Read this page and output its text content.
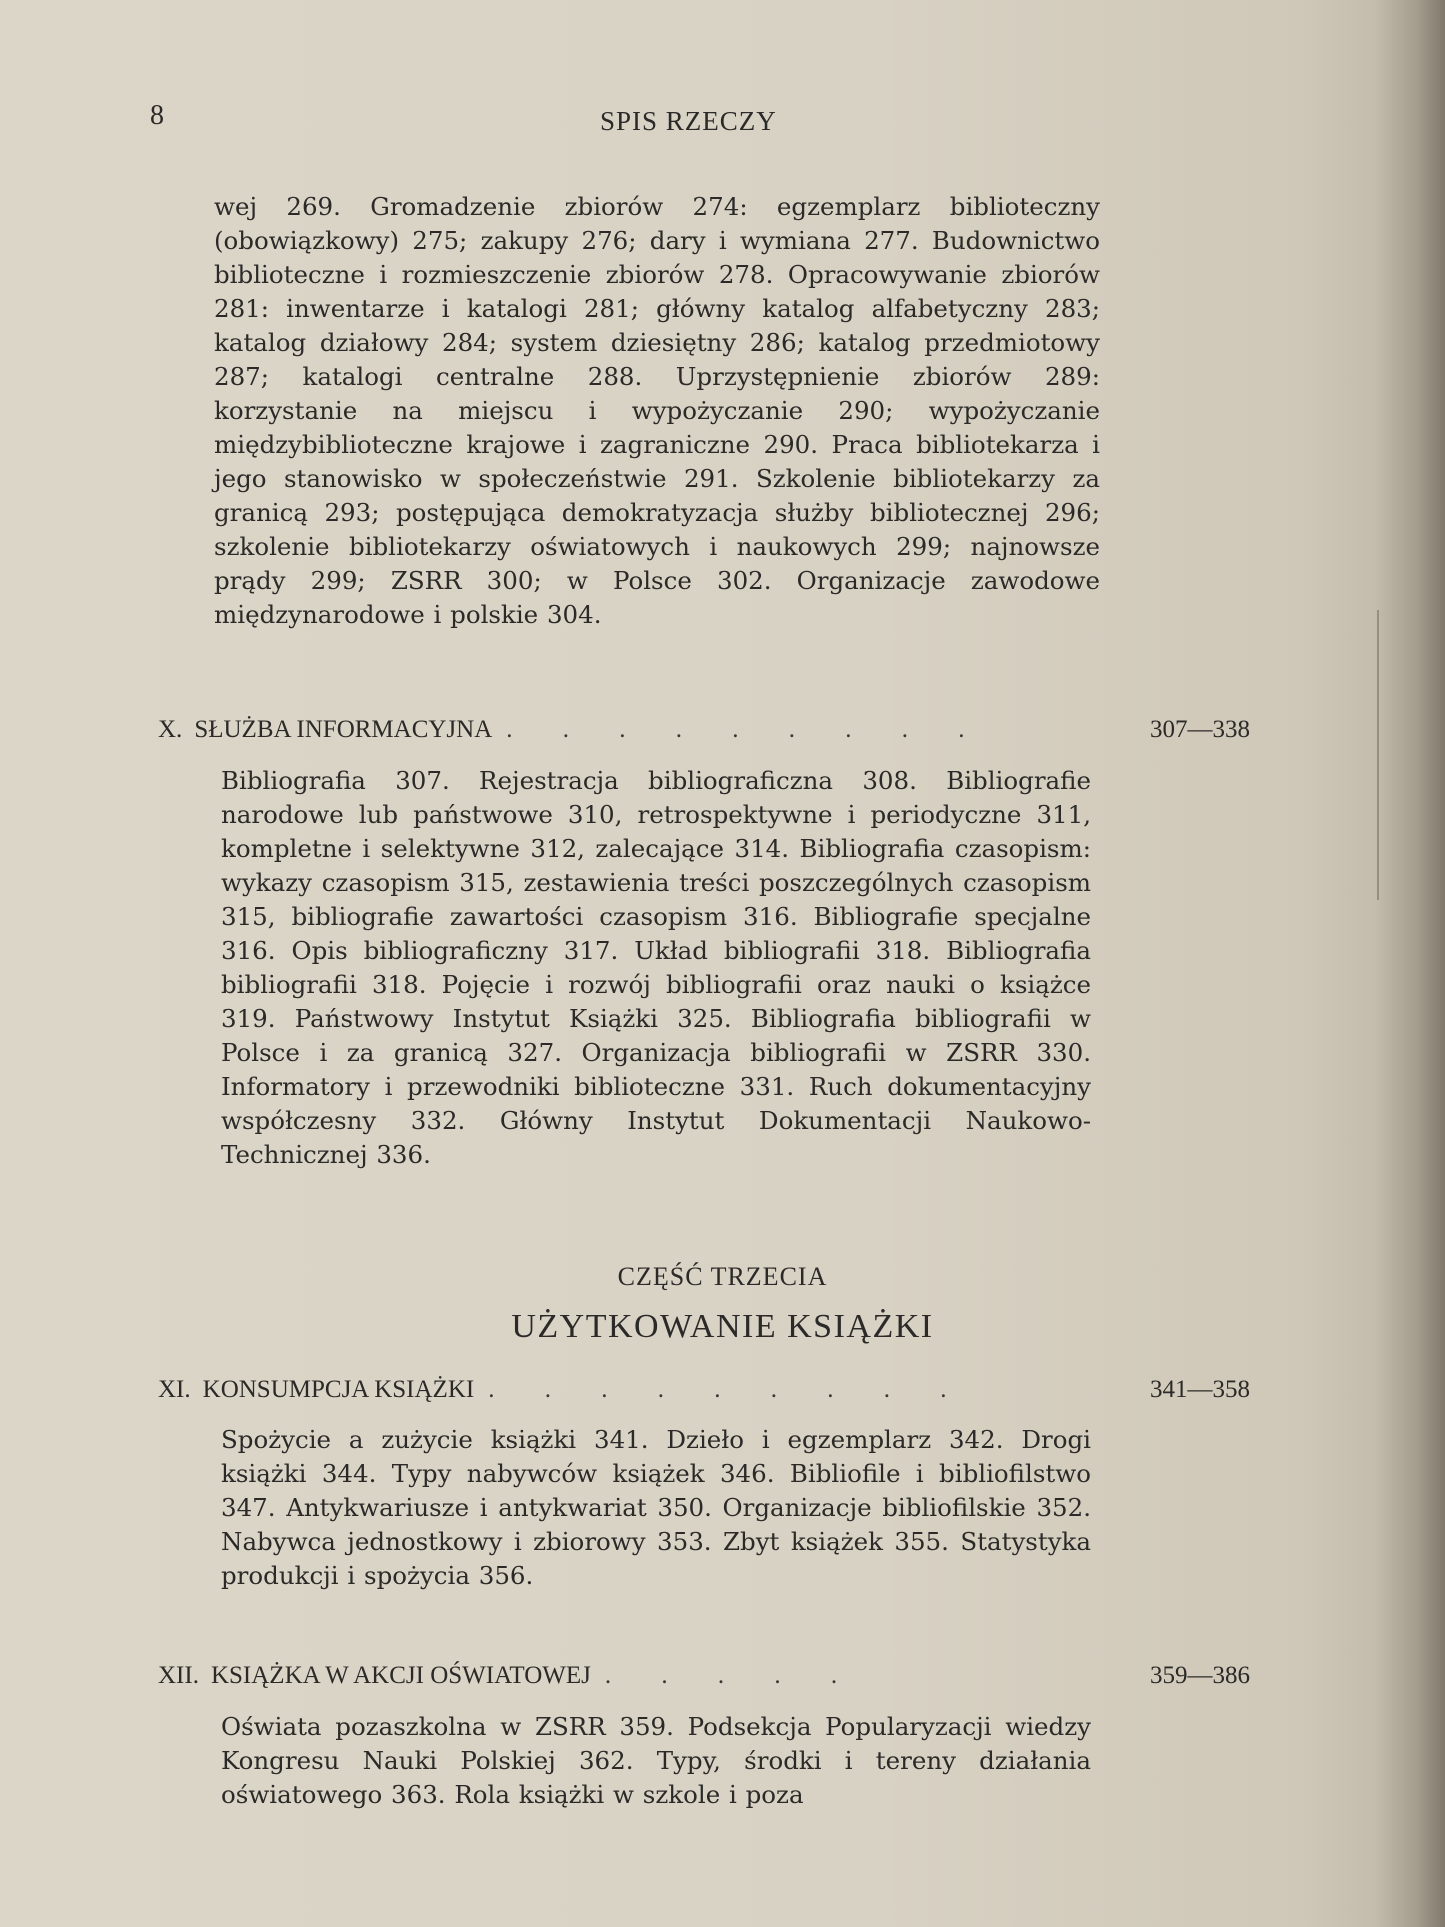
8	SPIS RZECZY
wej 269. Gromadzenie zbiorów 274: egzemplarz biblioteczny (obowiązkowy) 275; zakupy 276; dary i wymiana 277. Budownictwo biblioteczne i rozmieszczenie zbiorów 278. Opracowywanie zbiorów 281: inwentarze i katalogi 281; główny katalog alfabetyczny 283; katalog działowy 284; system dziesiętny 286; katalog przedmiotowy 287; katalogi centralne 288. Uprzystępnienie zbiorów 289: korzystanie na miejscu i wypożyczanie 290; wypożyczanie międzybiblioteczne krajowe i zagraniczne 290. Praca bibliotekarza i jego stanowisko w społeczeństwie 291. Szkolenie bibliotekarzy za granicą 293; postępująca demokratyzacja służby bibliotecznej 296; szkolenie bibliotekarzy oświatowych i naukowych 299; najnowsze prądy 299; ZSRR 300; w Polsce 302. Organizacje zawodowe międzynarodowe i polskie 304.
X. SŁUŻBA INFORMACYJNA . . . . . . . . .	307—338
Bibliografia 307. Rejestracja bibliograficzna 308. Bibliografie narodowe lub państwowe 310, retrospektywne i periodyczne 311, kompletne i selektywne 312, zalecające 314. Bibliografia czasopism: wykazy czasopism 315, zestawienia treści poszczególnych czasopism 315, bibliografie zawartości czasopism 316. Bibliografie specjalne 316. Opis bibliograficzny 317. Układ bibliografii 318. Bibliografia bibliografii 318. Pojęcie i rozwój bibliografii oraz nauki o książce 319. Państwowy Instytut Książki 325. Bibliografia bibliografii w Polsce i za granicą 327. Organizacja bibliografii w ZSRR 330. Informatory i przewodniki biblioteczne 331. Ruch dokumentacyjny współczesny 332. Główny Instytut Dokumentacji Naukowo-Technicznej 336.
CZĘŚĆ TRZECIA
UŻYTKOWANIE KSIĄŻKI
XI. KONSUMPCJA KSIĄŻKI . . . . . . . . .	341—358
Spożycie a zużycie książki 341. Dzieło i egzemplarz 342. Drogi książki 344. Typy nabywców książek 346. Bibliofile i bibliofilstwo 347. Antykwariusze i antykwariat 350. Organizacje bibliofilskie 352. Nabywca jednostkowy i zbiorowy 353. Zbyt książek 355. Statystyka produkcji i spożycia 356.
XII. KSIĄŻKA W AKCJI OŚWIATOWEJ . . . . .	359—386
Oświata pozaszkolna w ZSRR 359. Podsekcja Popularyzacji wiedzy Kongresu Nauki Polskiej 362. Typy, środki i tereny działania oświatowego 363. Rola książki w szkole i poza
